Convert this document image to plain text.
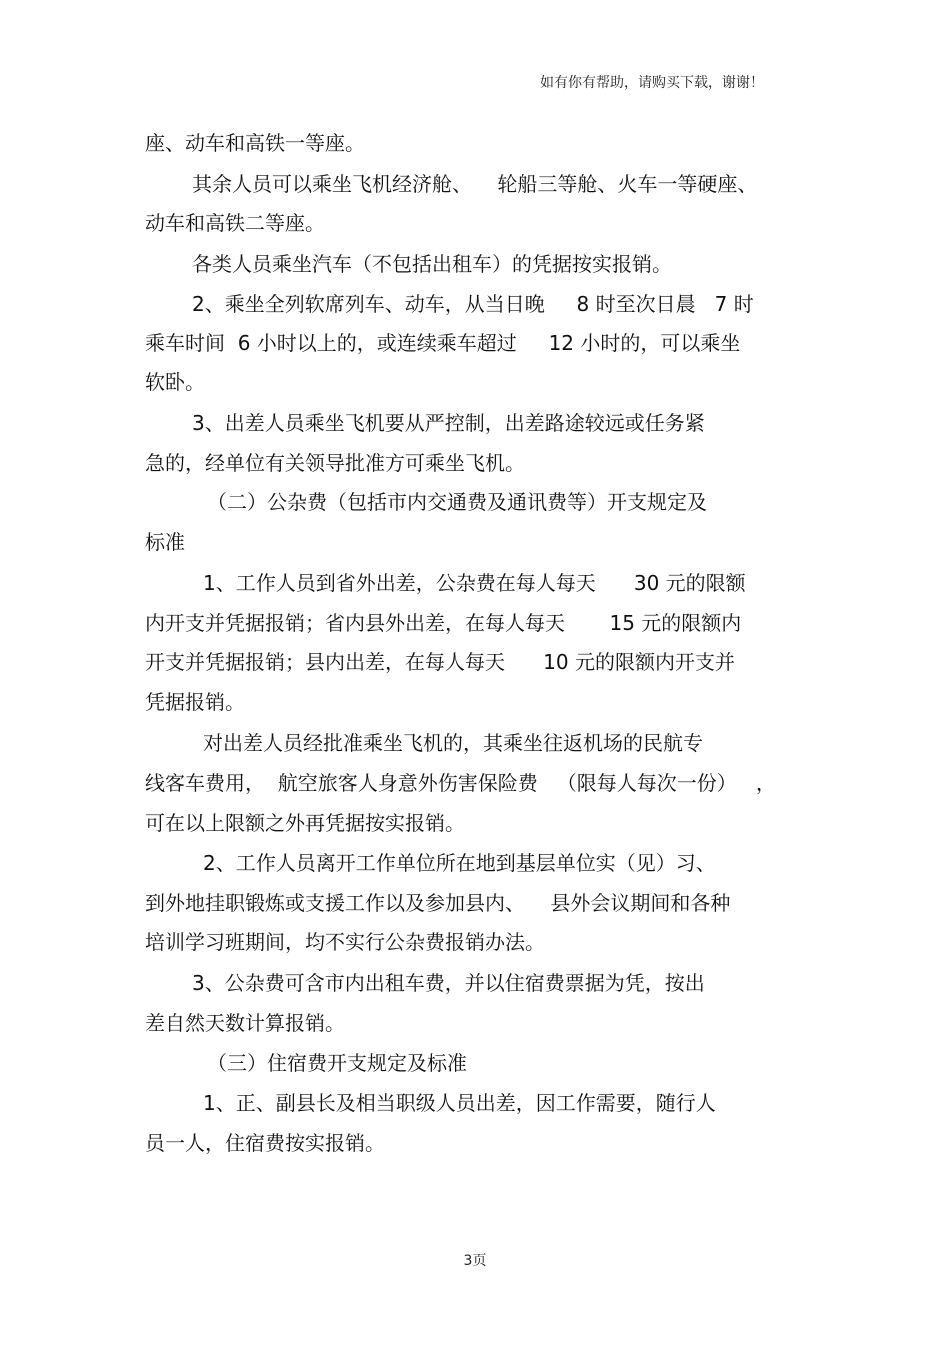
如有你有帮助，请购买下载，谢谢！
座、动车和高铁一等座。
其余人员可以乘坐飞机经济舱、    轮船三等舱、火车一等硬座、
动车和高铁二等座。
各类人员乘坐汽车（不包括出租车）的凭据按实报销。
2、乘坐全列软席列车、动车，从当日晚     8 时至次日晨   7 时
乘车时间  6 小时以上的，或连续乘车超过     12 小时的，可以乘坐
软卧。
3、出差人员乘坐飞机要从严控制，出差路途较远或任务紧
急的，经单位有关领导批准方可乘坐飞机。
（二）公杂费（包括市内交通费及通讯费等）开支规定及
标准
1、工作人员到省外出差，公杂费在每人每天      30 元的限额
内开支并凭据报销；省内县外出差，在每人每天       15 元的限额内
开支并凭据报销；县内出差，在每人每天      10 元的限额内开支并
凭据报销。
对出差人员经批准乘坐飞机的，其乘坐往返机场的民航专
线客车费用，  航空旅客人身意外伤害保险费   （限每人每次一份）   ，
可在以上限额之外再凭据按实报销。
2、工作人员离开工作单位所在地到基层单位实（见）习、
到外地挂职锻炼或支援工作以及参加县内、    县外会议期间和各种
培训学习班期间，均不实行公杂费报销办法。
3、公杂费可含市内出租车费，并以住宿费票据为凭，按出
差自然天数计算报销。
（三）住宿费开支规定及标准
1、正、副县长及相当职级人员出差，因工作需要，随行人
员一人，住宿费按实报销。
3页
